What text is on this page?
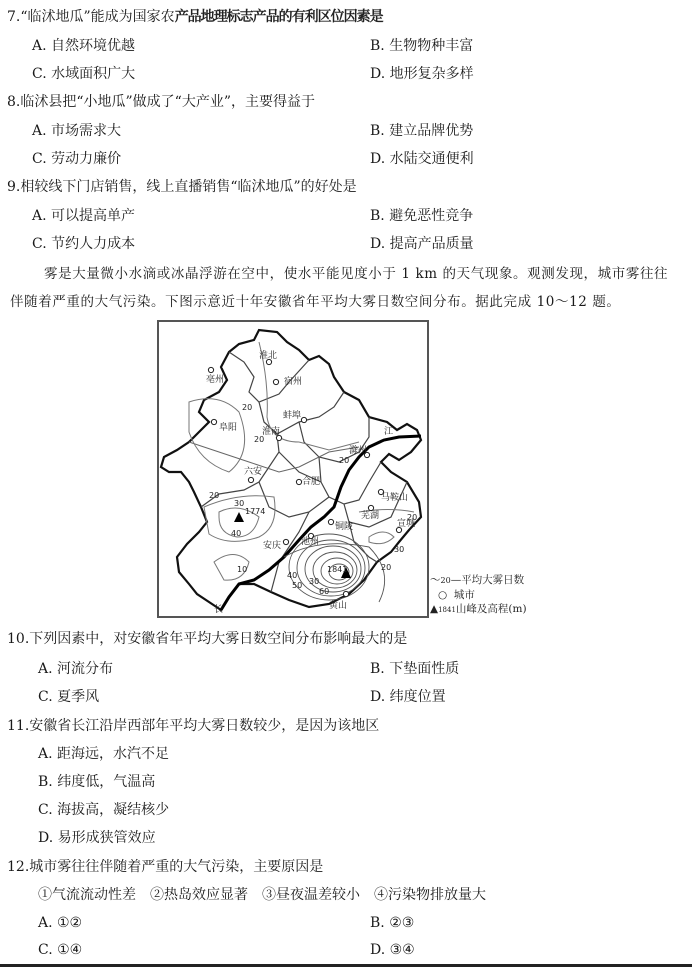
7.“临沭地瓜”能成为国家农产品地理标志产品的有利区位因素是
A. 自然环境优越	B. 生物物种丰富
C. 水域面积广大	D. 地形复杂多样
8.临沭县把“小地瓜”做成了“大产业”，主要得益于
A. 市场需求大	B. 建立品牌优势
C. 劳动力廉价	D. 水陆交通便利
9.相较线下门店销售，线上直播销售“临沭地瓜”的好处是
A. 可以提高单产	B. 避免恶性竞争
C. 节约人力成本	D. 提高产品质量
雾是大量微小水滴或冰晶浮游在空中，使水平能见度小于 1 km 的天气现象。观测发现，城市雾往往
伴随着严重的大气污染。下图示意近十年安徽省年平均大雾日数空间分布。据此完成 10～12 题。
亳州
淮北
宿州
蚌埠
阜阳	淮南
滁州
六安
合肥
马鞍山
芜湖
宣城
铜陵
安庆 池州
黄山
长
江
20
20
20
30
40
10
20
30
40
50
60
30
20
20
1774
1841
～20—平均大雾日数
○ 城市
▲1841山峰及高程(m)
10.下列因素中，对安徽省年平均大雾日数空间分布影响最大的是
A. 河流分布	B. 下垫面性质
C. 夏季风	D. 纬度位置
11.安徽省长江沿岸西部年平均大雾日数较少，是因为该地区
A. 距海远，水汽不足
B. 纬度低，气温高
C. 海拔高，凝结核少
D. 易形成狭管效应
12.城市雾往往伴随着严重的大气污染，主要原因是
①气流流动性差　②热岛效应显著　③昼夜温差较小　④污染物排放量大
A. ①②	B. ②③
C. ①④	D. ③④
